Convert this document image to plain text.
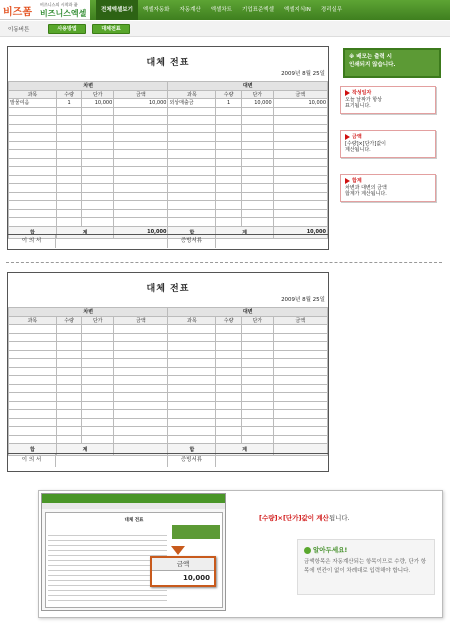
비즈폼
비즈니스의 시작과 끝
비즈니스엑셀	전체엑셀보기	엑셀자동화	자동계산	엑셀차트	기업표준엑셀	엑셀지식IN	경리실무
이동버튼	사용방법	대체전표
대체 전표
2009년 8월 25일
차변				대변			
과목	수량	단가	금액	과목	수량	단가	금액
발물여음	1	10,000	10,000	외상매출금	1	10,000	10,000

합	계		10,000	합	계		10,000
이 의 서	증빙서류
※ 배모는 출력 시
인쇄되지 않습니다.
작성일자
오늘 날짜가 항상
표기됩니다.
금액
[수량]×[단가]값이
계산됩니다.
합계
차변과 대변의 금액
합계가 계산됩니다.
대체 전표
2009년 8월 25일
차변				대변			
과목	수량	단가	금액	과목	수량	단가	금액

합	계			합	계		
이 의 서	증빙서류
대체 전표
금액
10,000
[수량]×[단가]값이 계산됩니다.
알아두세요!
금액항목은 자동계산되는 항목이므로 수량, 단가 항목에 빈칸이 없이 차례대로 입력해야 합니다.
